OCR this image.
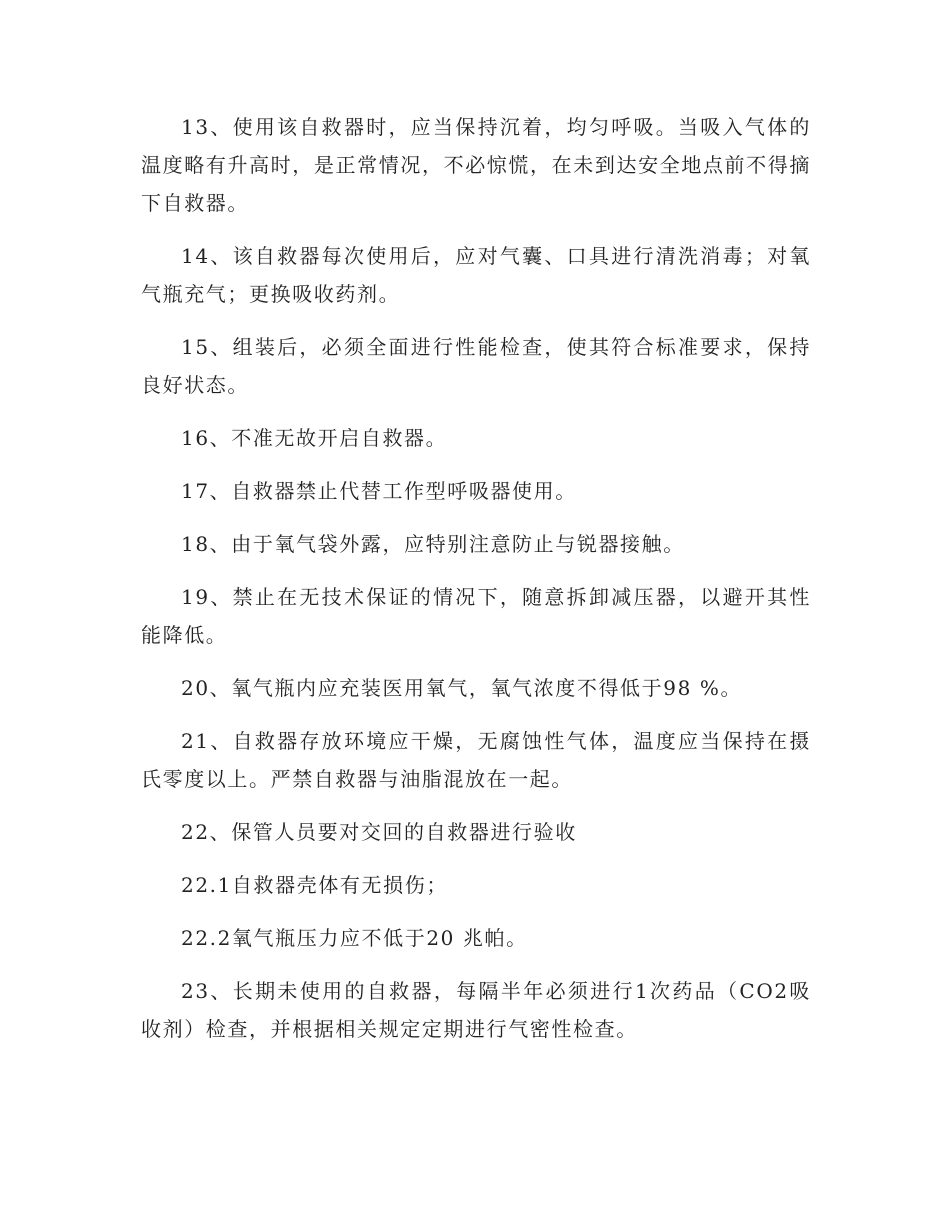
13、使用该自救器时，应当保持沉着，均匀呼吸。当吸入气体的温度略有升高时，是正常情况，不必惊慌，在未到达安全地点前不得摘下自救器。

14、该自救器每次使用后，应对气囊、口具进行清洗消毒；对氧气瓶充气；更换吸收药剂。

15、组装后，必须全面进行性能检查，使其符合标准要求，保持良好状态。

16、不准无故开启自救器。

17、自救器禁止代替工作型呼吸器使用。

18、由于氧气袋外露，应特别注意防止与锐器接触。

19、禁止在无技术保证的情况下，随意拆卸减压器，以避开其性能降低。

20、氧气瓶内应充装医用氧气，氧气浓度不得低于98 %。

21、自救器存放环境应干燥，无腐蚀性气体，温度应当保持在摄氏零度以上。严禁自救器与油脂混放在一起。

22、保管人员要对交回的自救器进行验收

22.1自救器壳体有无损伤；

22.2氧气瓶压力应不低于20 兆帕。

23、长期未使用的自救器，每隔半年必须进行1次药品（CO2吸收剂）检查，并根据相关规定定期进行气密性检查。
